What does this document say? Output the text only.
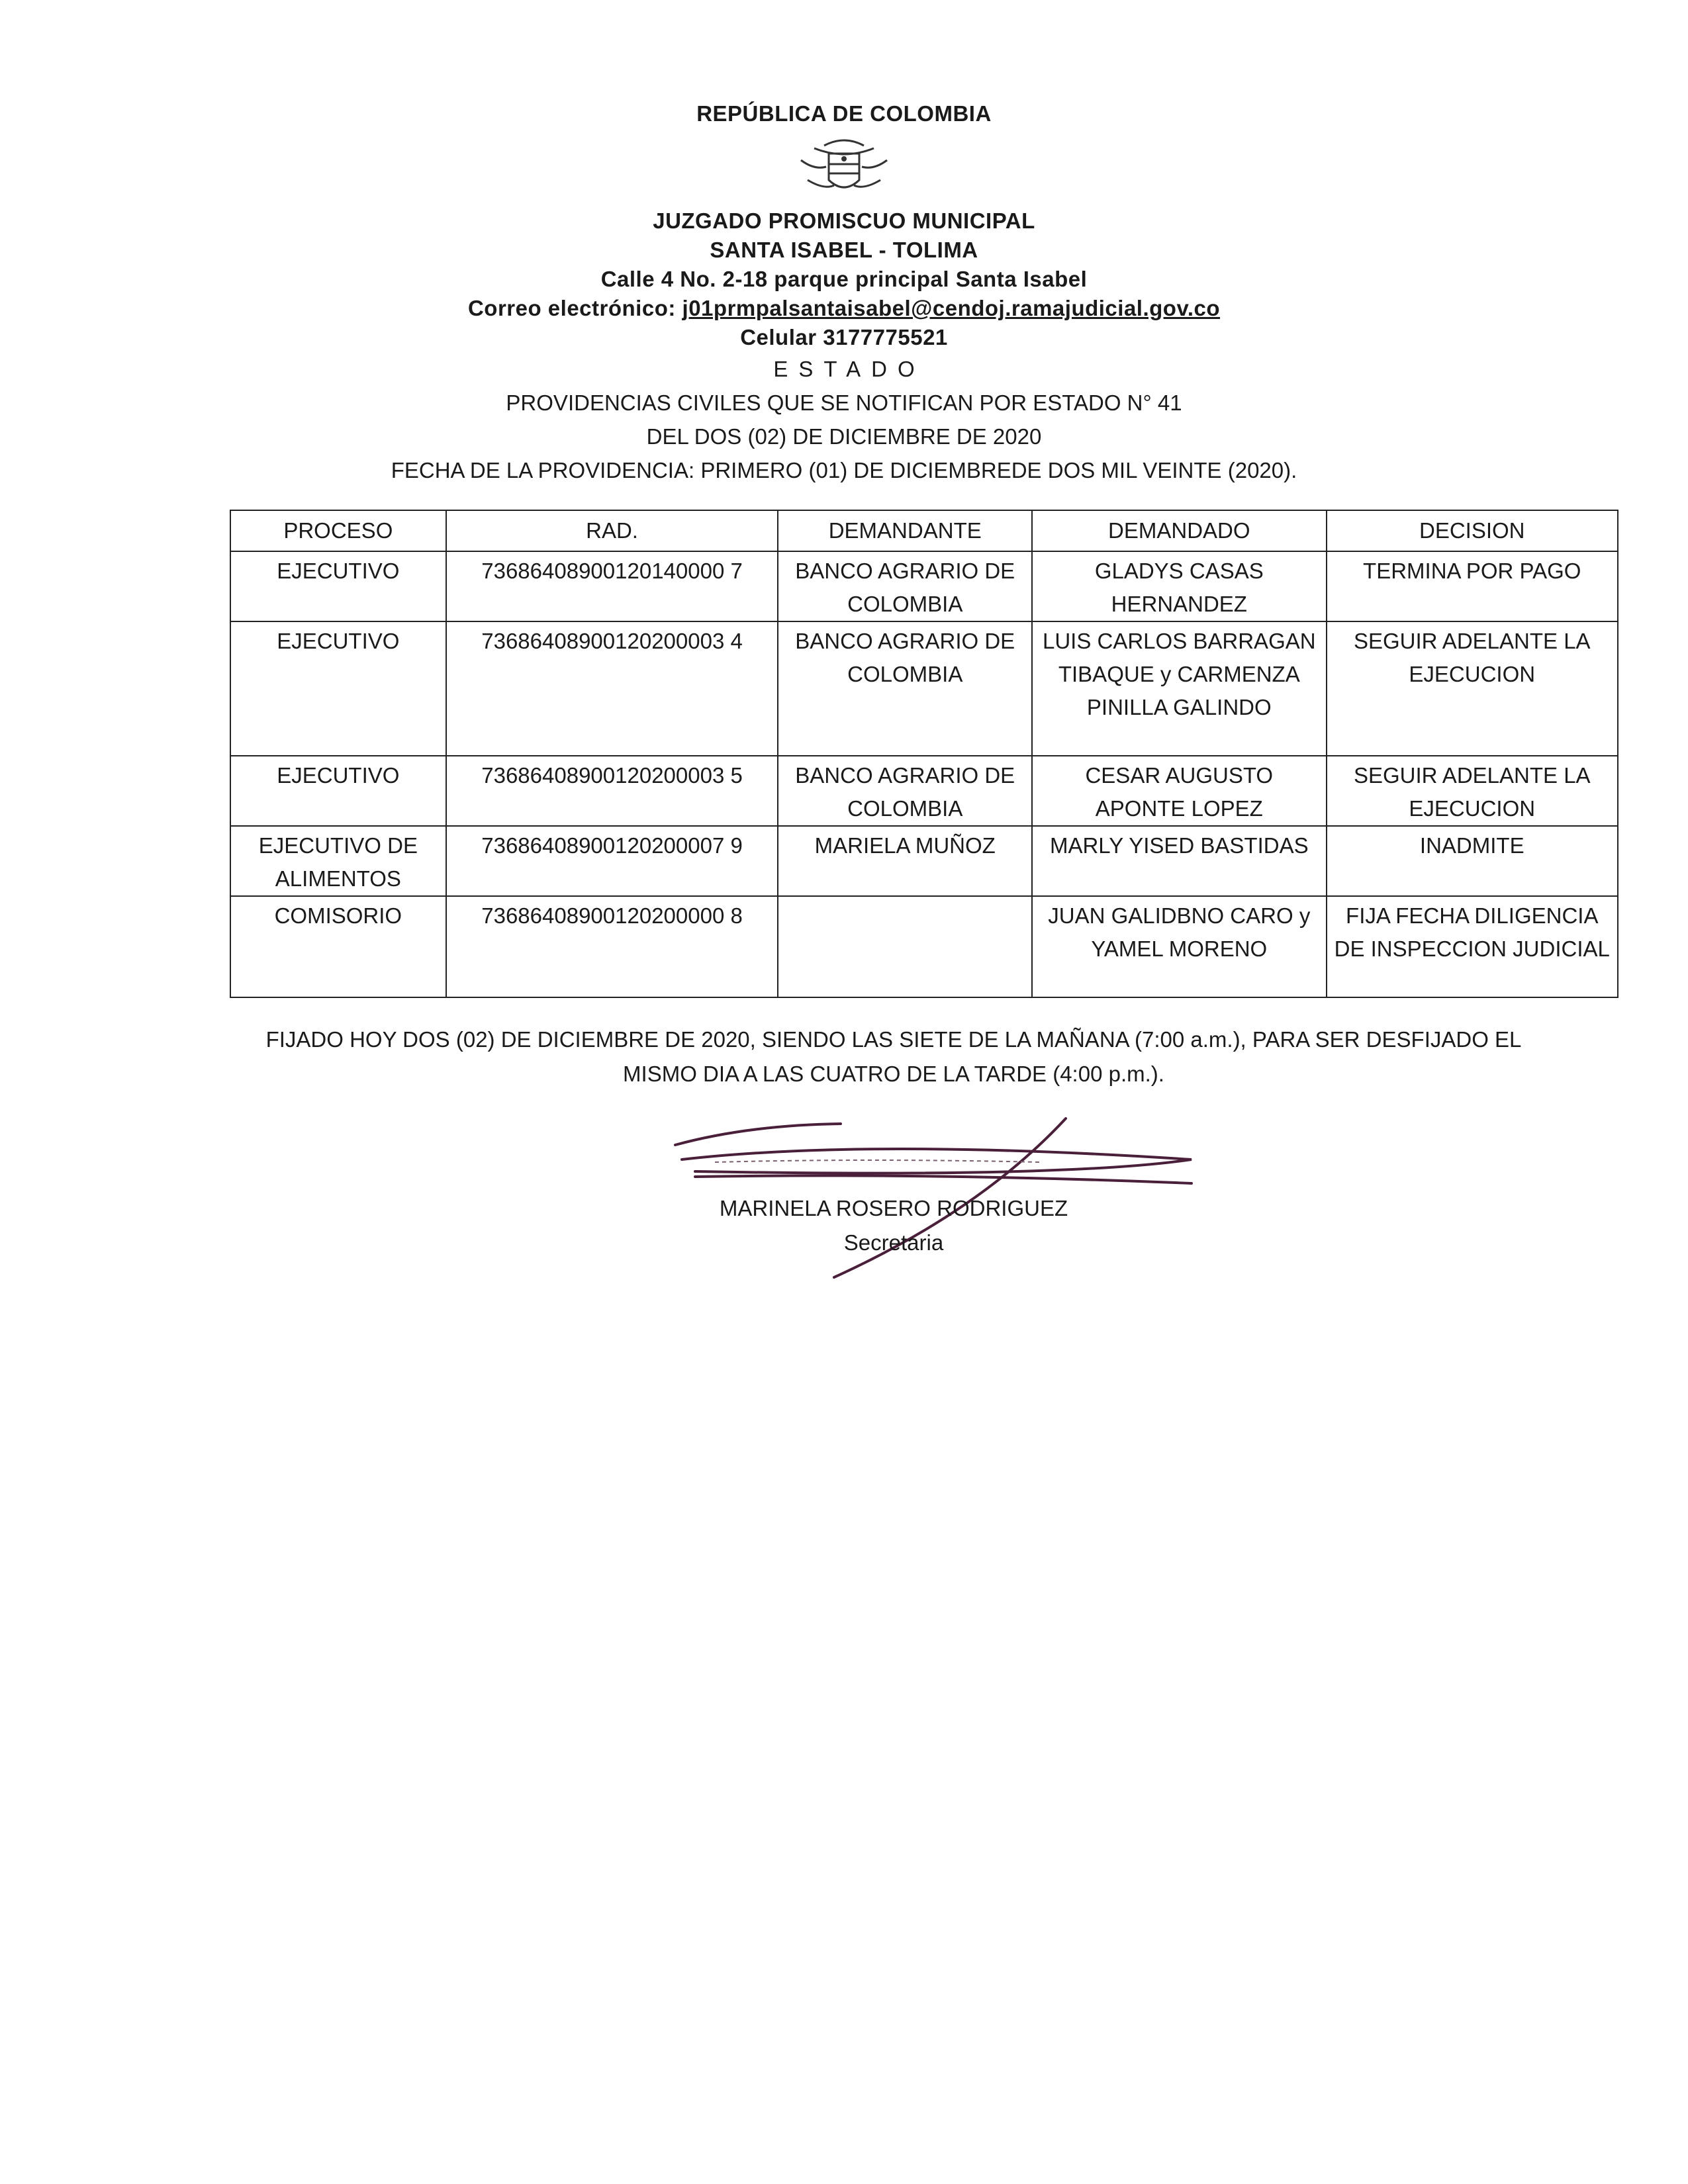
REPÚBLICA DE COLOMBIA

JUZGADO PROMISCUO MUNICIPAL

SANTA ISABEL - TOLIMA

Calle 4 No. 2-18 parque principal Santa Isabel

Correo electrónico: j01prmpalsantaisabel@cendoj.ramajudicial.gov.co

Celular 3177775521

ESTADO

PROVIDENCIAS CIVILES QUE SE NOTIFICAN POR ESTADO N° 41

DEL DOS (02) DE DICIEMBRE DE 2020

FECHA DE LA PROVIDENCIA: PRIMERO (01) DE DICIEMBREDE DOS MIL VEINTE (2020).

PROCESO	RAD.	DEMANDANTE	DEMANDADO	DECISION
EJECUTIVO	73686408900120140000 7	BANCO AGRARIO DE COLOMBIA	GLADYS CASAS HERNANDEZ	TERMINA POR PAGO
EJECUTIVO	73686408900120200003 4	BANCO AGRARIO DE COLOMBIA	LUIS CARLOS BARRAGAN TIBAQUE y CARMENZA PINILLA GALINDO	SEGUIR ADELANTE LA EJECUCION
EJECUTIVO	73686408900120200003 5	BANCO AGRARIO DE COLOMBIA	CESAR AUGUSTO APONTE LOPEZ	SEGUIR ADELANTE LA EJECUCION
EJECUTIVO DE ALIMENTOS	73686408900120200007 9	MARIELA MUÑOZ	MARLY YISED BASTIDAS	INADMITE
COMISORIO	73686408900120200000 8		JUAN GALIDBNO CARO y YAMEL MORENO	FIJA FECHA DILIGENCIA DE INSPECCION JUDICIAL
FIJADO HOY DOS (02) DE DICIEMBRE DE 2020, SIENDO LAS SIETE DE LA MAÑANA (7:00 a.m.), PARA SER DESFIJADO EL
MISMO DIA A LAS CUATRO DE LA TARDE (4:00 p.m.).
MARINELA ROSERO RODRIGUEZ
Secretaria
